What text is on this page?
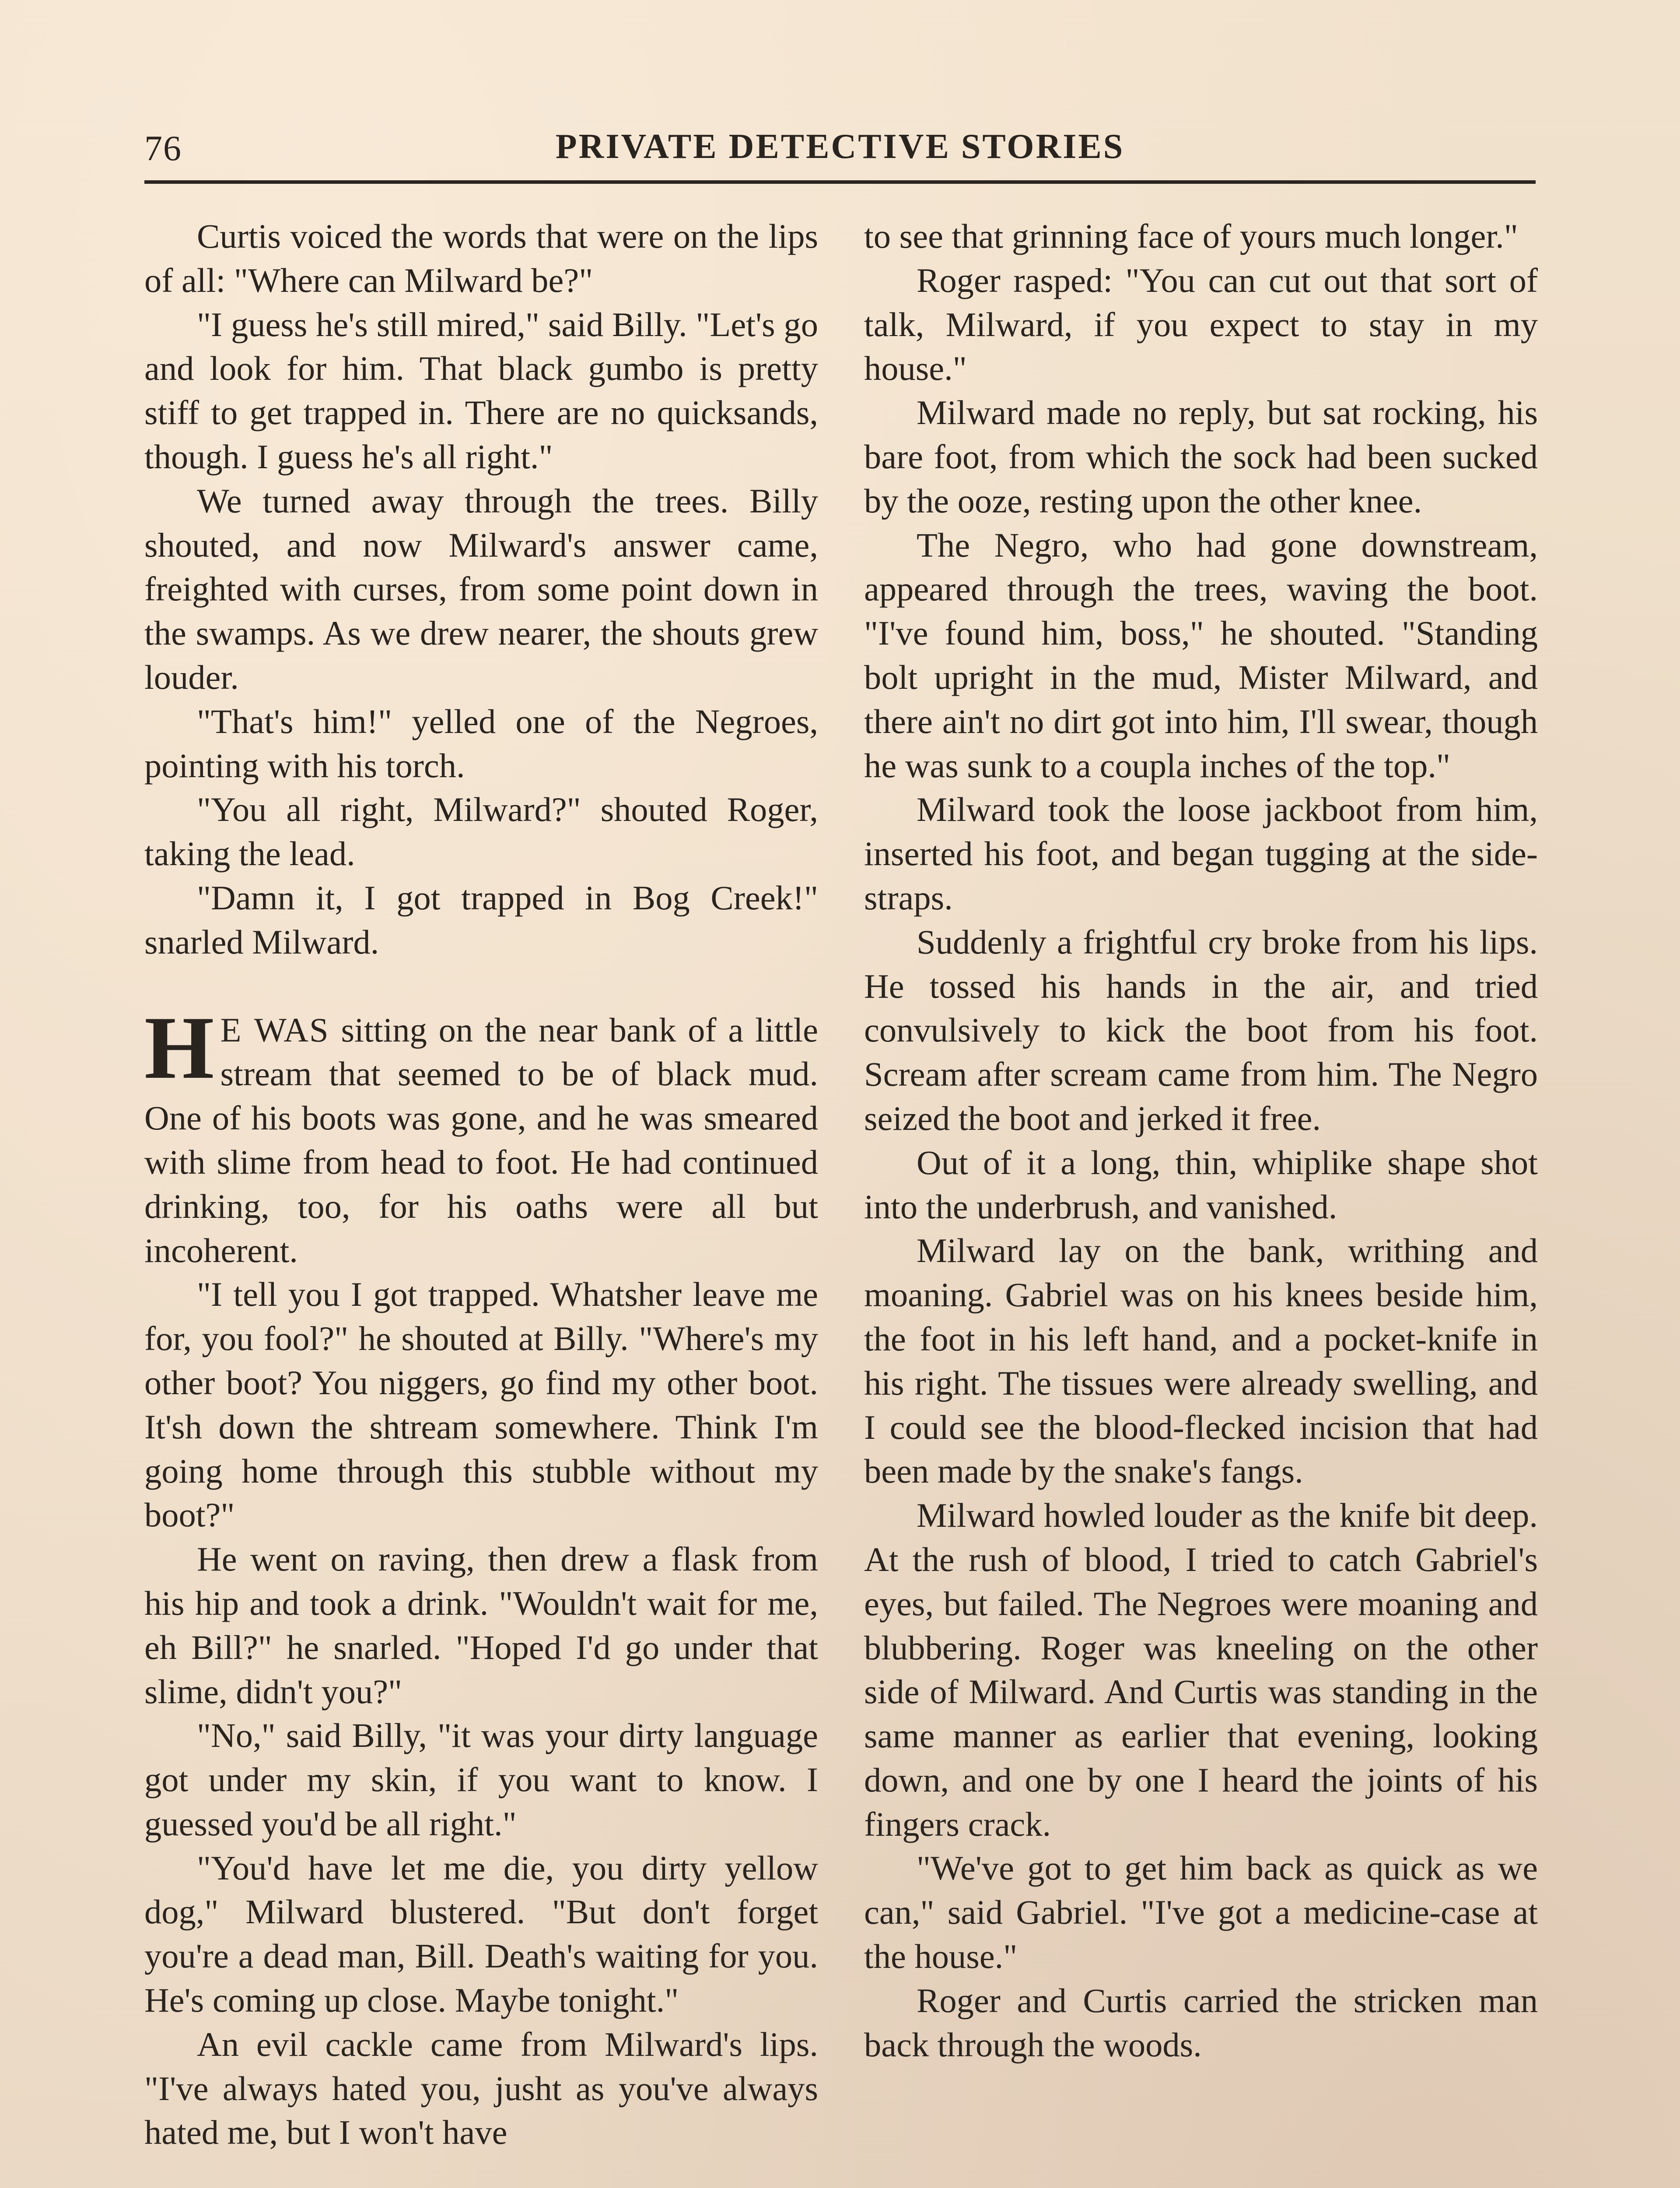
76	PRIVATE DETECTIVE STORIES

Curtis voiced the words that were on the lips of all: "Where can Milward be?"

"I guess he's still mired," said Billy. "Let's go and look for him. That black gumbo is pretty stiff to get trapped in. There are no quicksands, though. I guess he's all right."

We turned away through the trees. Billy shouted, and now Milward's answer came, freighted with curses, from some point down in the swamps. As we drew nearer, the shouts grew louder.

"That's him!" yelled one of the Negroes, pointing with his torch.

"You all right, Milward?" shouted Roger, taking the lead.

"Damn it, I got trapped in Bog Creek!" snarled Milward.

H E WAS sitting on the near bank of a little stream that seemed to be of black mud. One of his boots was gone, and he was smeared with slime from head to foot. He had continued drinking, too, for his oaths were all but incoherent.

"I tell you I got trapped. Whatsher leave me for, you fool?" he shouted at Billy. "Where's my other boot? You niggers, go find my other boot. It'sh down the shtream somewhere. Think I'm going home through this stubble without my boot?"

He went on raving, then drew a flask from his hip and took a drink. "Wouldn't wait for me, eh Bill?" he snarled. "Hoped I'd go under that slime, didn't you?"

"No," said Billy, "it was your dirty language got under my skin, if you want to know. I guessed you'd be all right."

"You'd have let me die, you dirty yellow dog," Milward blustered. "But don't forget you're a dead man, Bill. Death's waiting for you. He's coming up close. Maybe tonight."

An evil cackle came from Milward's lips. "I've always hated you, jusht as you've always hated me, but I won't have

to see that grinning face of yours much longer."

Roger rasped: "You can cut out that sort of talk, Milward, if you expect to stay in my house."

Milward made no reply, but sat rocking, his bare foot, from which the sock had been sucked by the ooze, resting upon the other knee.

The Negro, who had gone downstream, appeared through the trees, waving the boot. "I've found him, boss," he shouted. "Standing bolt upright in the mud, Mister Milward, and there ain't no dirt got into him, I'll swear, though he was sunk to a coupla inches of the top."

Milward took the loose jackboot from him, inserted his foot, and began tugging at the side-straps.

Suddenly a frightful cry broke from his lips. He tossed his hands in the air, and tried convulsively to kick the boot from his foot. Scream after scream came from him. The Negro seized the boot and jerked it free.

Out of it a long, thin, whiplike shape shot into the underbrush, and vanished.

Milward lay on the bank, writhing and moaning. Gabriel was on his knees beside him, the foot in his left hand, and a pocket-knife in his right. The tissues were already swelling, and I could see the blood-flecked incision that had been made by the snake's fangs.

Milward howled louder as the knife bit deep. At the rush of blood, I tried to catch Gabriel's eyes, but failed. The Negroes were moaning and blubbering. Roger was kneeling on the other side of Milward. And Curtis was standing in the same manner as earlier that evening, looking down, and one by one I heard the joints of his fingers crack.

"We've got to get him back as quick as we can," said Gabriel. "I've got a medicine-case at the house."

Roger and Curtis carried the stricken man back through the woods.
